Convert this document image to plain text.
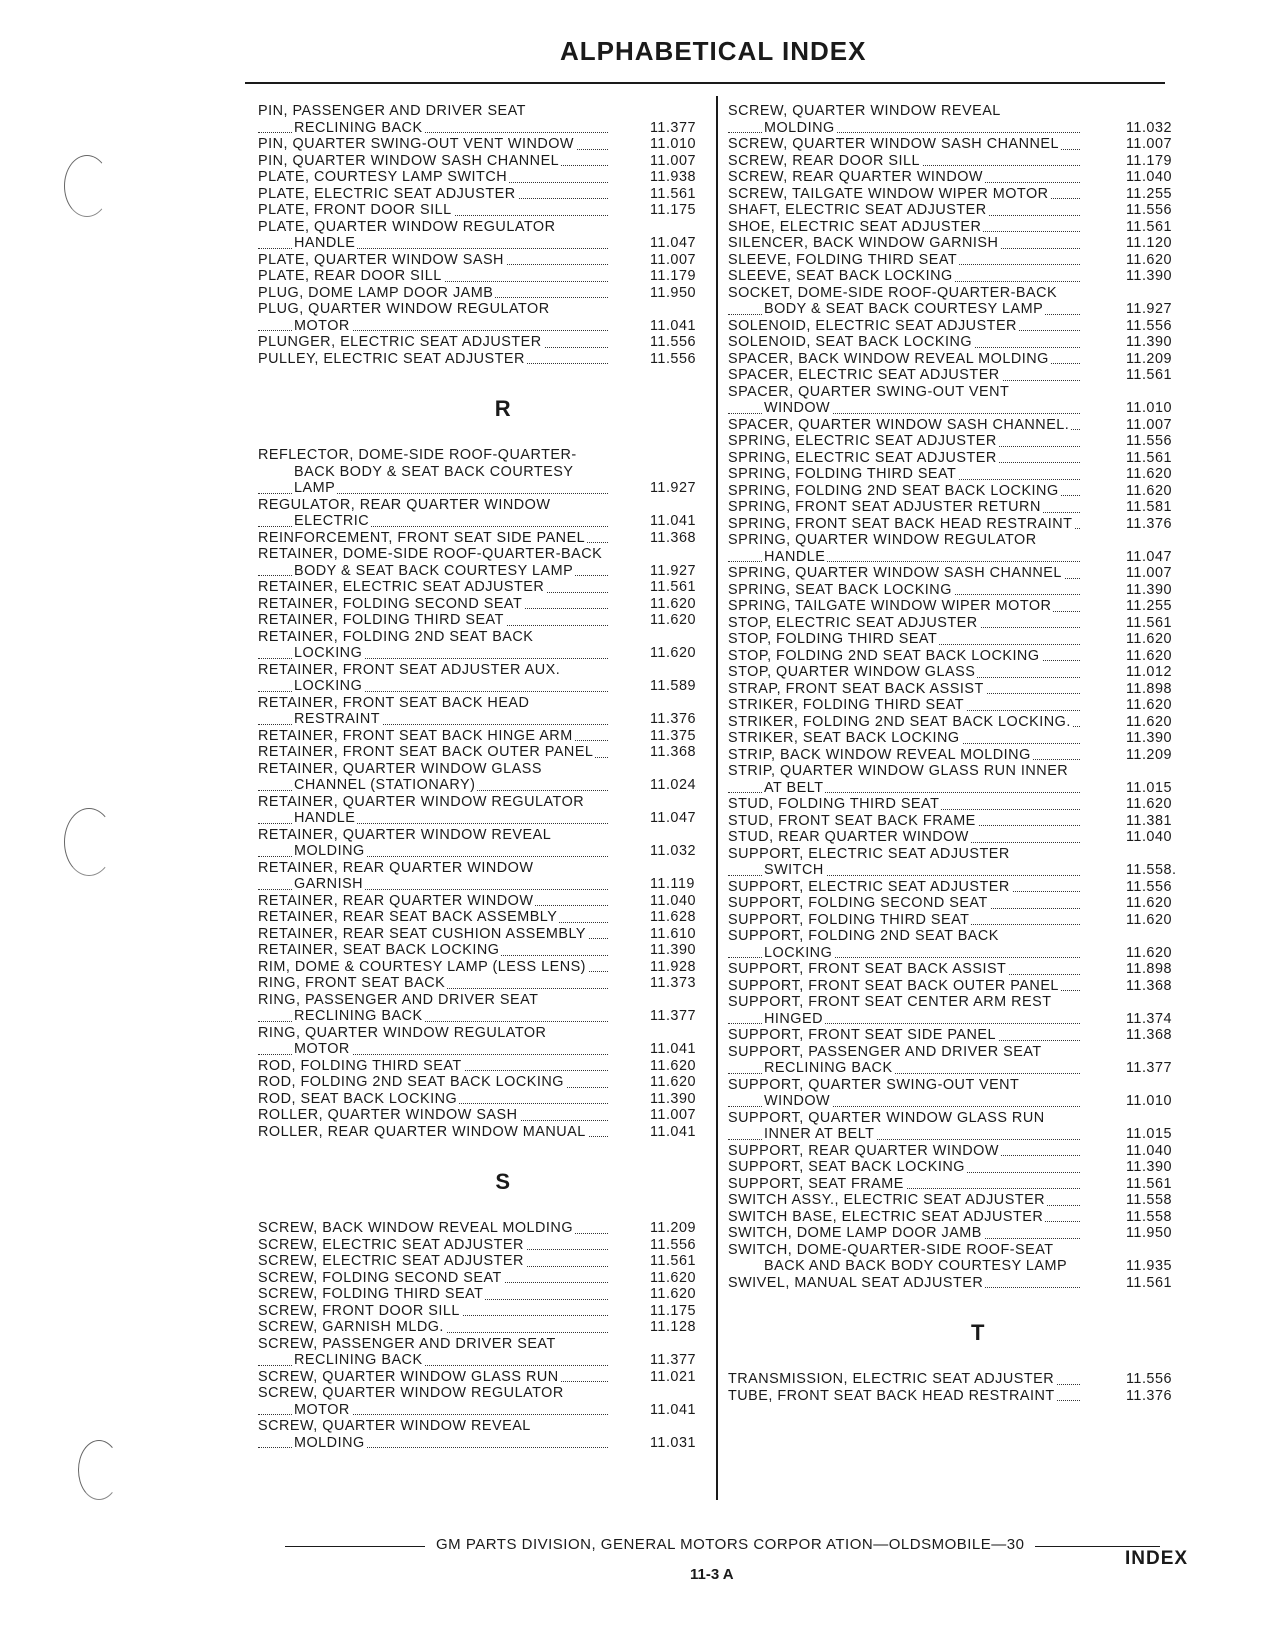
ALPHABETICAL INDEX
PIN, PASSENGER AND DRIVER SEAT
RECLINING BACK	11.377
PIN, QUARTER SWING-OUT VENT WINDOW	11.010
PIN, QUARTER WINDOW SASH CHANNEL	11.007
PLATE, COURTESY LAMP SWITCH	11.938
PLATE, ELECTRIC SEAT ADJUSTER	11.561
PLATE, FRONT DOOR SILL	11.175
PLATE, QUARTER WINDOW REGULATOR
HANDLE	11.047
PLATE, QUARTER WINDOW SASH	11.007
PLATE, REAR DOOR SILL	11.179
PLUG, DOME LAMP DOOR JAMB	11.950
PLUG, QUARTER WINDOW REGULATOR
MOTOR	11.041
PLUNGER, ELECTRIC SEAT ADJUSTER	11.556
PULLEY, ELECTRIC SEAT ADJUSTER	11.556
R
REFLECTOR, DOME-SIDE ROOF-QUARTER-
BACK BODY & SEAT BACK COURTESY
LAMP	11.927
REGULATOR, REAR QUARTER WINDOW
ELECTRIC	11.041
REINFORCEMENT, FRONT SEAT SIDE PANEL	11.368
RETAINER, DOME-SIDE ROOF-QUARTER-BACK
BODY & SEAT BACK COURTESY LAMP	11.927
RETAINER, ELECTRIC SEAT ADJUSTER	11.561
RETAINER, FOLDING SECOND SEAT	11.620
RETAINER, FOLDING THIRD SEAT	11.620
RETAINER, FOLDING 2ND SEAT BACK
LOCKING	11.620
RETAINER, FRONT SEAT ADJUSTER AUX.
LOCKING	11.589
RETAINER, FRONT SEAT BACK HEAD
RESTRAINT	11.376
RETAINER, FRONT SEAT BACK HINGE ARM	11.375
RETAINER, FRONT SEAT BACK OUTER PANEL	11.368
RETAINER, QUARTER WINDOW GLASS
CHANNEL (STATIONARY)	11.024
RETAINER, QUARTER WINDOW REGULATOR
HANDLE	11.047
RETAINER, QUARTER WINDOW REVEAL
MOLDING	11.032
RETAINER, REAR QUARTER WINDOW
GARNISH	11.119
RETAINER, REAR QUARTER WINDOW	11.040
RETAINER, REAR SEAT BACK ASSEMBLY	11.628
RETAINER, REAR SEAT CUSHION ASSEMBLY	11.610
RETAINER, SEAT BACK LOCKING	11.390
RIM, DOME & COURTESY LAMP (LESS LENS)	11.928
RING, FRONT SEAT BACK	11.373
RING, PASSENGER AND DRIVER SEAT
RECLINING BACK	11.377
RING, QUARTER WINDOW REGULATOR
MOTOR	11.041
ROD, FOLDING THIRD SEAT	11.620
ROD, FOLDING 2ND SEAT BACK LOCKING	11.620
ROD, SEAT BACK LOCKING	11.390
ROLLER, QUARTER WINDOW SASH	11.007
ROLLER, REAR QUARTER WINDOW MANUAL	11.041
S
SCREW, BACK WINDOW REVEAL MOLDING	11.209
SCREW, ELECTRIC SEAT ADJUSTER	11.556
SCREW, ELECTRIC SEAT ADJUSTER	11.561
SCREW, FOLDING SECOND SEAT	11.620
SCREW, FOLDING THIRD SEAT	11.620
SCREW, FRONT DOOR SILL	11.175
SCREW, GARNISH MLDG.	11.128
SCREW, PASSENGER AND DRIVER SEAT
RECLINING BACK	11.377
SCREW, QUARTER WINDOW GLASS RUN	11.021
SCREW, QUARTER WINDOW REGULATOR
MOTOR	11.041
SCREW, QUARTER WINDOW REVEAL
MOLDING	11.031
SCREW, QUARTER WINDOW REVEAL
MOLDING	11.032
SCREW, QUARTER WINDOW SASH CHANNEL	11.007
SCREW, REAR DOOR SILL	11.179
SCREW, REAR QUARTER WINDOW	11.040
SCREW, TAILGATE WINDOW WIPER MOTOR	11.255
SHAFT, ELECTRIC SEAT ADJUSTER	11.556
SHOE, ELECTRIC SEAT ADJUSTER	11.561
SILENCER, BACK WINDOW GARNISH	11.120
SLEEVE, FOLDING THIRD SEAT	11.620
SLEEVE, SEAT BACK LOCKING	11.390
SOCKET, DOME-SIDE ROOF-QUARTER-BACK
BODY & SEAT BACK COURTESY LAMP	11.927
SOLENOID, ELECTRIC SEAT ADJUSTER	11.556
SOLENOID, SEAT BACK LOCKING	11.390
SPACER, BACK WINDOW REVEAL MOLDING	11.209
SPACER, ELECTRIC SEAT ADJUSTER	11.561
SPACER, QUARTER SWING-OUT VENT
WINDOW	11.010
SPACER, QUARTER WINDOW SASH CHANNEL.	11.007
SPRING, ELECTRIC SEAT ADJUSTER	11.556
SPRING, ELECTRIC SEAT ADJUSTER	11.561
SPRING, FOLDING THIRD SEAT	11.620
SPRING, FOLDING 2ND SEAT BACK LOCKING	11.620
SPRING, FRONT SEAT ADJUSTER RETURN	11.581
SPRING, FRONT SEAT BACK HEAD RESTRAINT	11.376
SPRING, QUARTER WINDOW REGULATOR
HANDLE	11.047
SPRING, QUARTER WINDOW SASH CHANNEL	11.007
SPRING, SEAT BACK LOCKING	11.390
SPRING, TAILGATE WINDOW WIPER MOTOR	11.255
STOP, ELECTRIC SEAT ADJUSTER	11.561
STOP, FOLDING THIRD SEAT	11.620
STOP, FOLDING 2ND SEAT BACK LOCKING	11.620
STOP, QUARTER WINDOW GLASS	11.012
STRAP, FRONT SEAT BACK ASSIST	11.898
STRIKER, FOLDING THIRD SEAT	11.620
STRIKER, FOLDING 2ND SEAT BACK LOCKING.	11.620
STRIKER, SEAT BACK LOCKING	11.390
STRIP, BACK WINDOW REVEAL MOLDING	11.209
STRIP, QUARTER WINDOW GLASS RUN INNER
AT BELT	11.015
STUD, FOLDING THIRD SEAT	11.620
STUD, FRONT SEAT BACK FRAME	11.381
STUD, REAR QUARTER WINDOW	11.040
SUPPORT, ELECTRIC SEAT ADJUSTER
SWITCH	11.558.
SUPPORT, ELECTRIC SEAT ADJUSTER	11.556
SUPPORT, FOLDING SECOND SEAT	11.620
SUPPORT, FOLDING THIRD SEAT	11.620
SUPPORT, FOLDING 2ND SEAT BACK
LOCKING	11.620
SUPPORT, FRONT SEAT BACK ASSIST	11.898
SUPPORT, FRONT SEAT BACK OUTER PANEL	11.368
SUPPORT, FRONT SEAT CENTER ARM REST
HINGED	11.374
SUPPORT, FRONT SEAT SIDE PANEL	11.368
SUPPORT, PASSENGER AND DRIVER SEAT
RECLINING BACK	11.377
SUPPORT, QUARTER SWING-OUT VENT
WINDOW	11.010
SUPPORT, QUARTER WINDOW GLASS RUN
INNER AT BELT	11.015
SUPPORT, REAR QUARTER WINDOW	11.040
SUPPORT, SEAT BACK LOCKING	11.390
SUPPORT, SEAT FRAME	11.561
SWITCH ASSY., ELECTRIC SEAT ADJUSTER	11.558
SWITCH BASE, ELECTRIC SEAT ADJUSTER	11.558
SWITCH, DOME LAMP DOOR JAMB	11.950
SWITCH, DOME-QUARTER-SIDE ROOF-SEAT
BACK AND BACK BODY COURTESY LAMP	11.935
SWIVEL, MANUAL SEAT ADJUSTER	11.561
T
TRANSMISSION, ELECTRIC SEAT ADJUSTER	11.556
TUBE, FRONT SEAT BACK HEAD RESTRAINT	11.376
GM PARTS DIVISION, GENERAL MOTORS CORPOR ATION—OLDSMOBILE—30
11-3 A
INDEX
